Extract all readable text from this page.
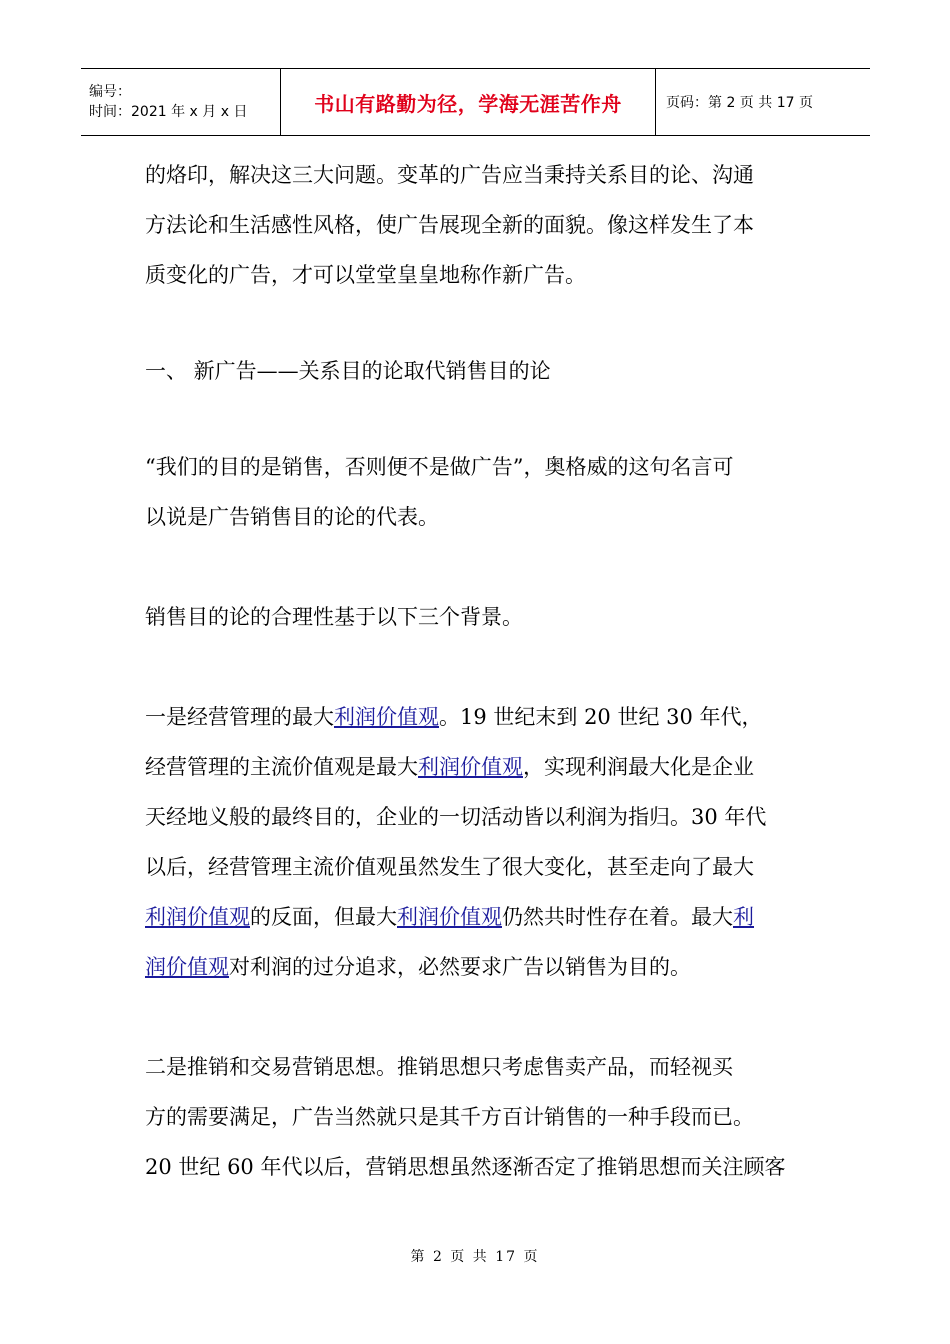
编号：
时间：2021 年 x 月 x 日	书山有路勤为径，学海无涯苦作舟	页码：第 2 页 共 17 页
的烙印，解决这三大问题。变革的广告应当秉持关系目的论、沟通
方法论和生活感性风格，使广告展现全新的面貌。像这样发生了本
质变化的广告，才可以堂堂皇皇地称作新广告。
一、 新广告——关系目的论取代销售目的论
“我们的目的是销售，否则便不是做广告”，奥格威的这句名言可
以说是广告销售目的论的代表。
销售目的论的合理性基于以下三个背景。
一是经营管理的最大利润价值观。19 世纪末到 20 世纪 30 年代，
经营管理的主流价值观是最大利润价值观，实现利润最大化是企业
天经地义般的最终目的，企业的一切活动皆以利润为指归。30 年代
以后，经营管理主流价值观虽然发生了很大变化，甚至走向了最大
利润价值观的反面，但最大利润价值观仍然共时性存在着。最大利
润价值观对利润的过分追求，必然要求广告以销售为目的。
二是推销和交易营销思想。推销思想只考虑售卖产品，而轻视买
方的需要满足，广告当然就只是其千方百计销售的一种手段而已。
20 世纪 60 年代以后，营销思想虽然逐渐否定了推销思想而关注顾客
第 2 页 共 17 页
